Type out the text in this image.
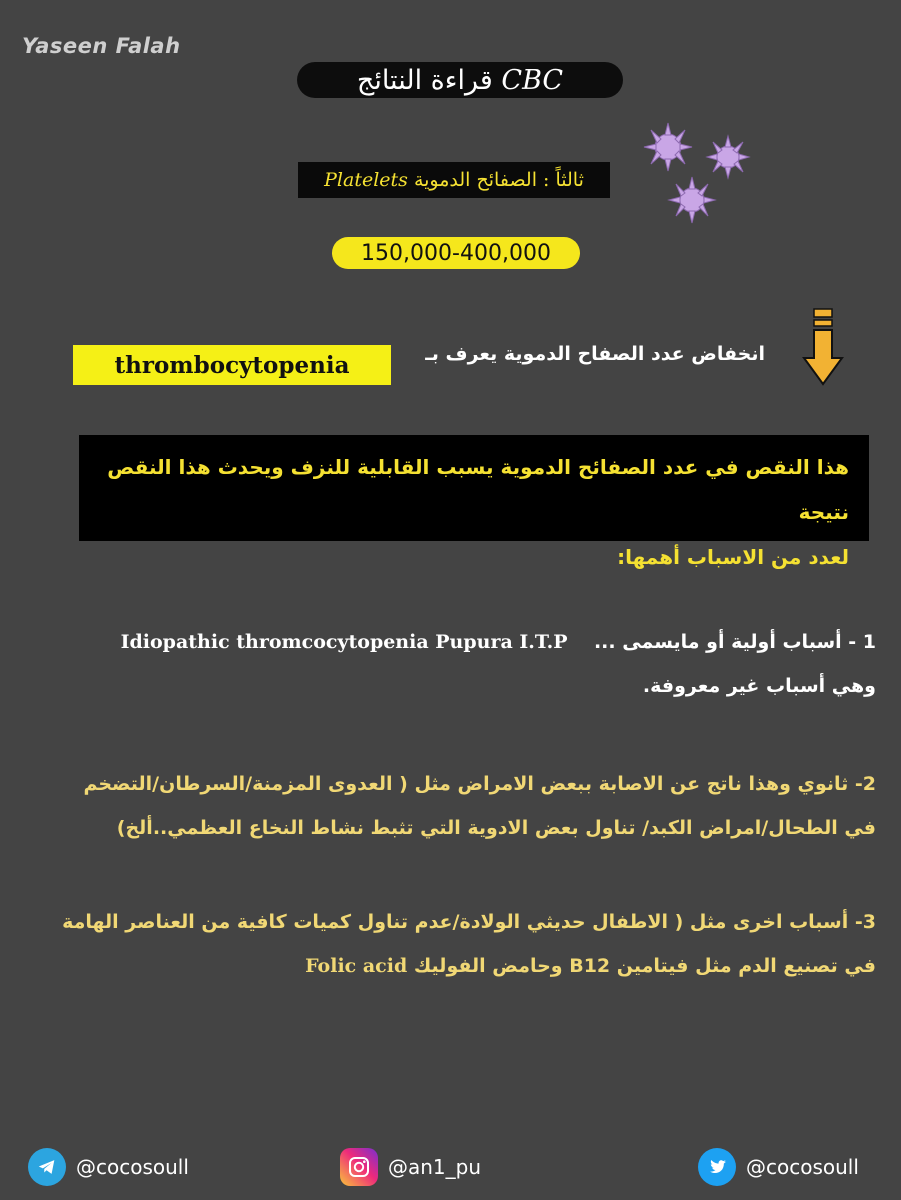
Yaseen Falah
قراءة النتائج
CBC
ثالثاً : الصفائح الدموية

Platelets
150,000-400,000
انخفاض عدد الصفاح الدموية يعرف بـ
thrombocytopenia
هذا النقص في عدد الصفائح الدموية يسبب القابلية للنزف ويحدث هذا النقص نتيجة
لعدد من الاسباب أهمها:
1 - أسباب أولية أو مايسمى ...    Idiopathic thromcocytopenia Pupura I.T.P
وهي أسباب غير معروفة.
2- ثانوي وهذا ناتج عن الاصابة ببعض الامراض مثل ( العدوى المزمنة/السرطان/التضخم
في الطحال/امراض الكبد/ تناول بعض الادوية التي تثبط نشاط النخاع العظمي..ألخ)
3- أسباب اخرى مثل ( الاطفال حديثي الولادة/عدم تناول كميات كافية من العناصر الهامة
في تصنيع الدم مثل فيتامين B12 وحامض الفوليك Folic acid
@cocosoull	@an1_pu	@cocosoull
